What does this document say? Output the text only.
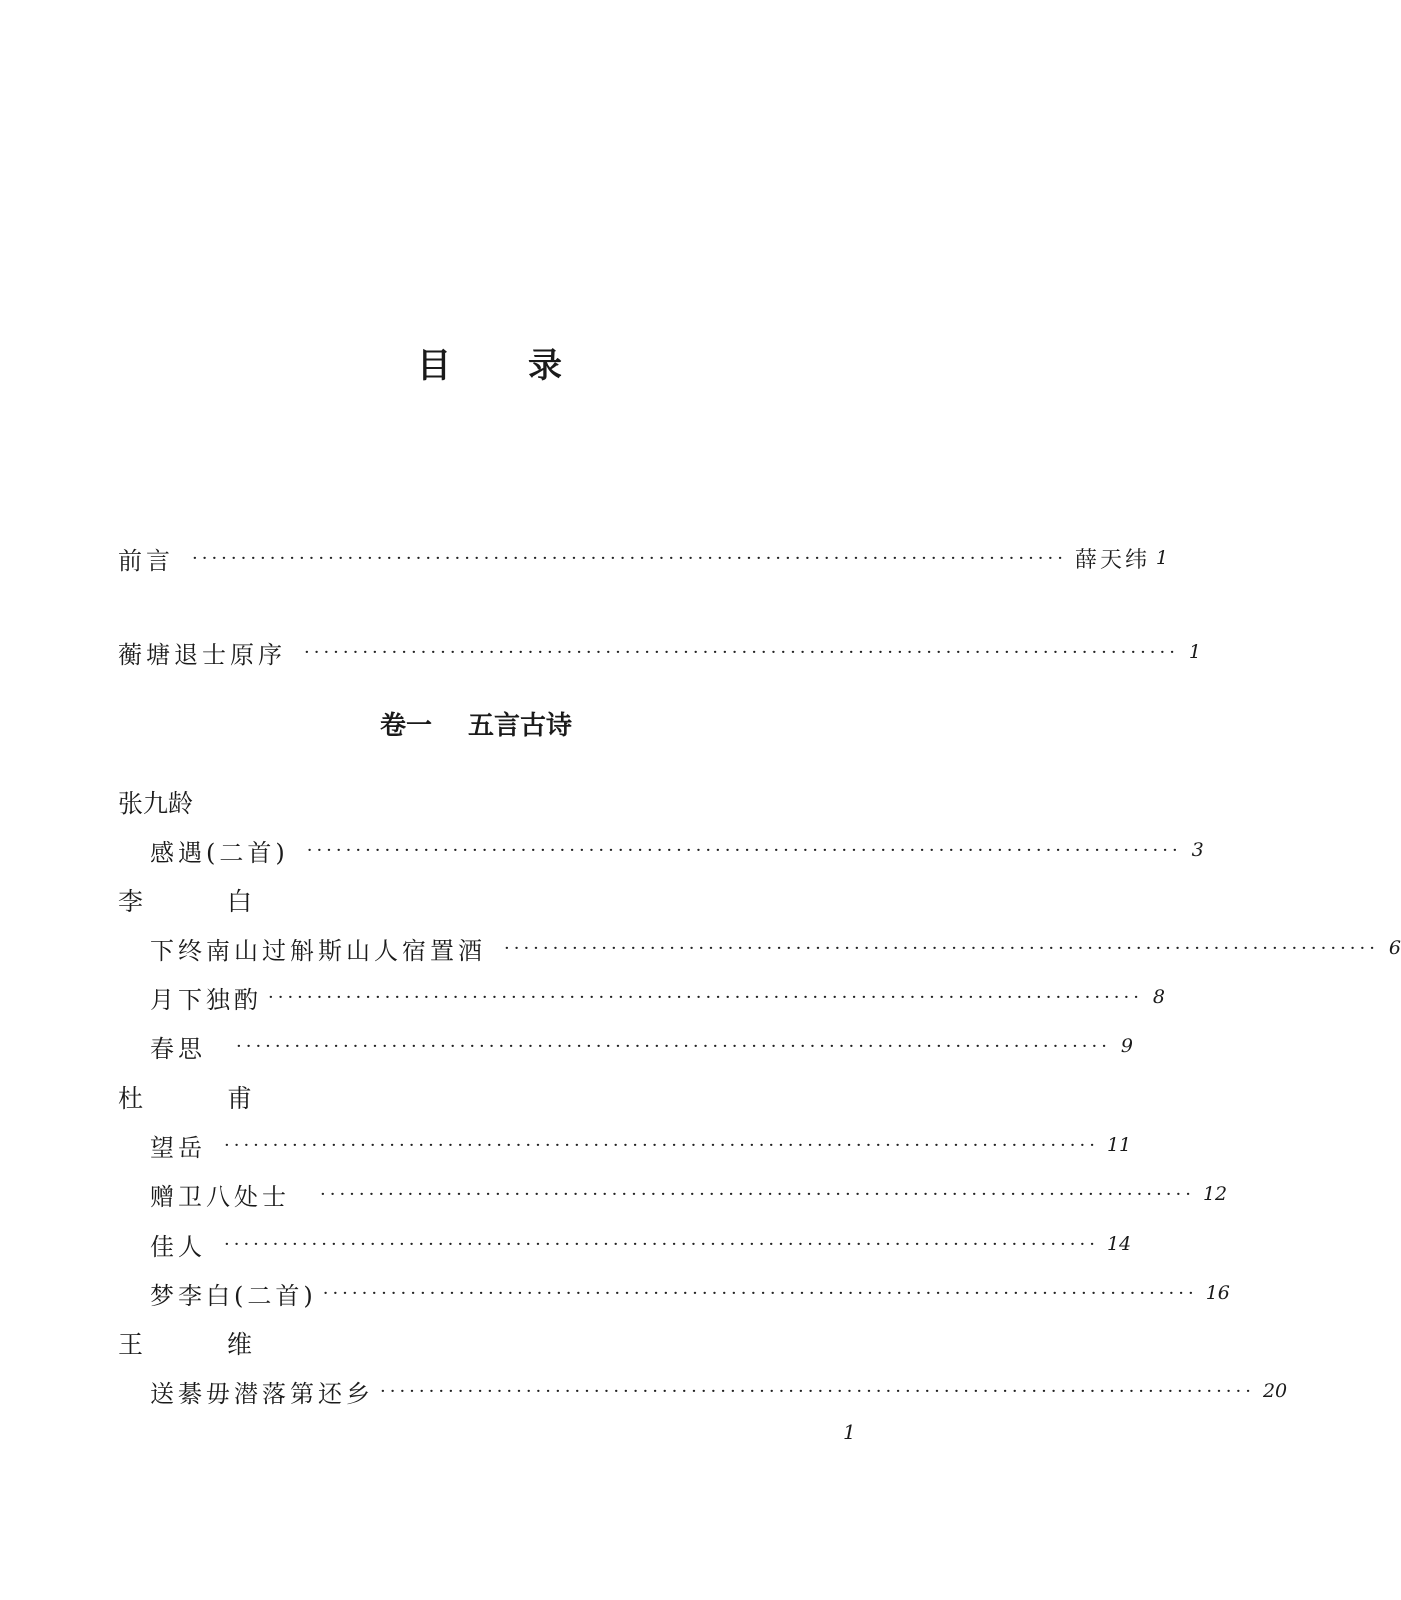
目 录
前言 ·························································································· 薛天纬 1
蘅塘退士原序 ·························································································· 1
卷一 五言古诗
张九龄
感遇(二首) ·························································································· 3
李 白
下终南山过斛斯山人宿置酒 ·························································································· 6
月下独酌 ·························································································· 8
春思 ·························································································· 9
杜 甫
望岳 ·························································································· 11
赠卫八处士 ·························································································· 12
佳人 ·························································································· 14
梦李白(二首) ·························································································· 16
王 维
送綦毋潜落第还乡 ·························································································· 20
1
